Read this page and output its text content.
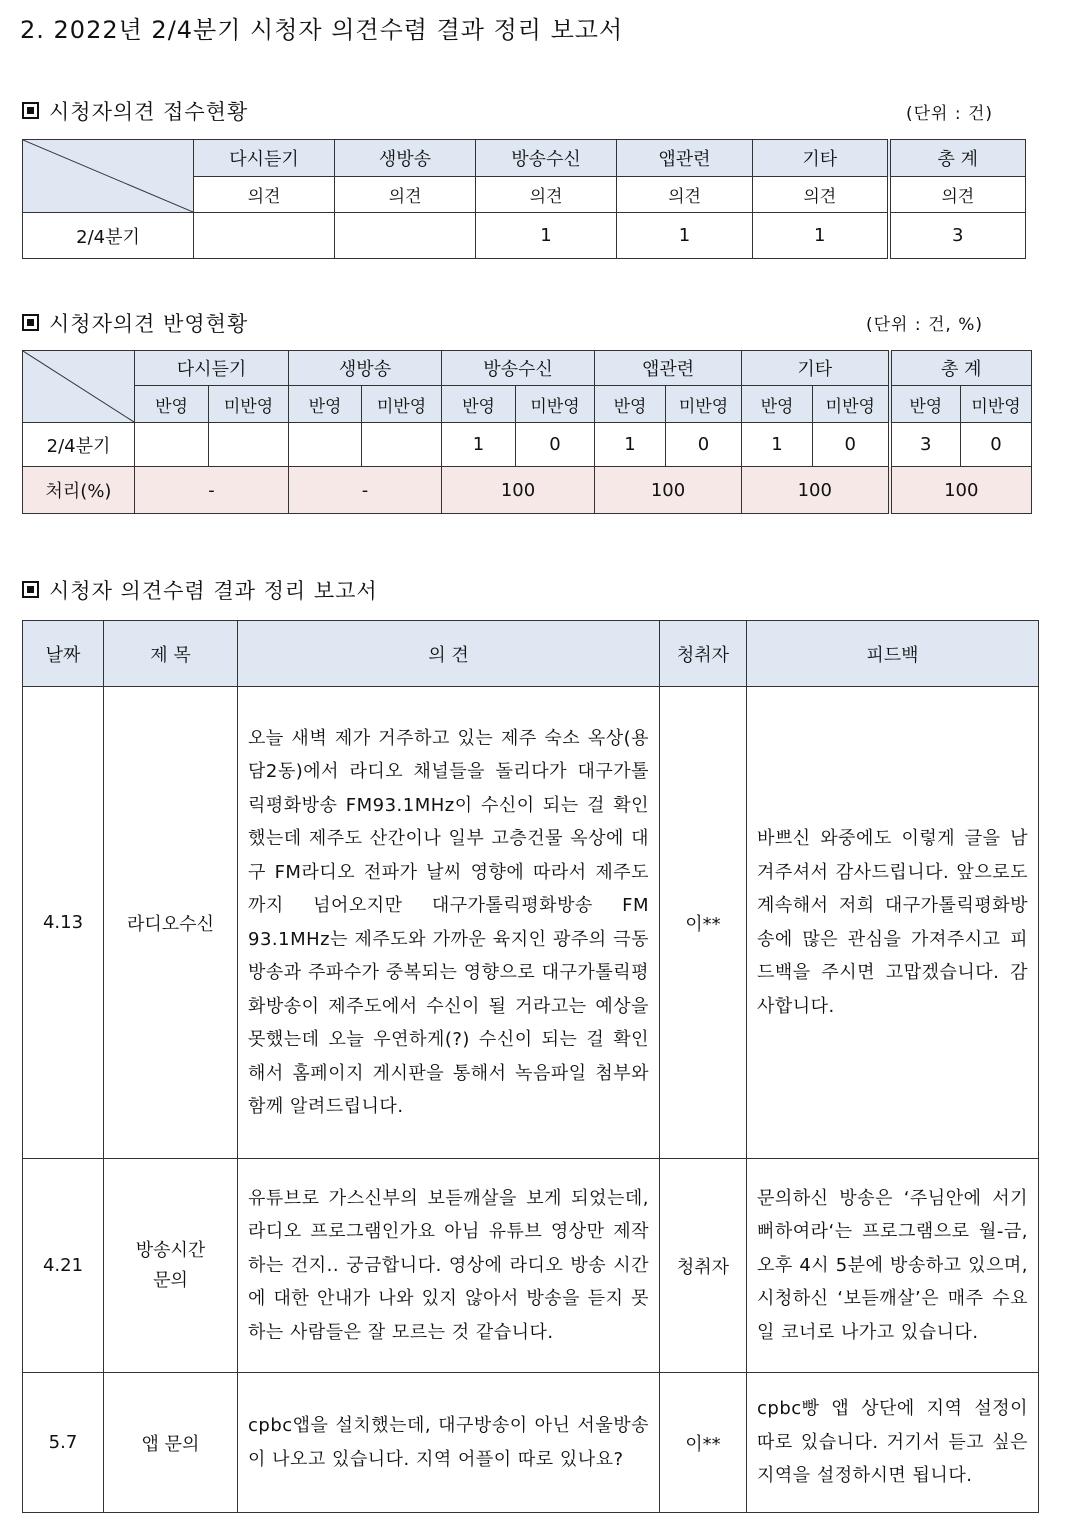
2. 2022년 2/4분기 시청자 의견수렴 결과 정리 보고서
시청자의견 접수현황	(단위 : 건)
	다시듣기	생방송	방송수신	앱관련	기타	총 계
	의견	의견	의견	의견	의견	의견
2/4분기			1	1	1	3
시청자의견 반영현황	(단위 : 건, %)
	다시듣기		생방송		방송수신		앱관련		기타		총 계	
	반영	미반영	반영	미반영	반영	미반영	반영	미반영	반영	미반영	반영	미반영
2/4분기					1	0	1	0	1	0	3	0
처리(%)	-		-		100		100		100		100	
시청자 의견수렴 결과 정리 보고서
날짜	제 목	의 견	청취자	피드백
4.13	라디오수신	오늘 새벽 제가 거주하고 있는 제주 숙소 옥상(용담2동)에서 라디오 채널들을 돌리다가 대구가톨릭평화방송 FM93.1MHz이 수신이 되는 걸 확인했는데 제주도 산간이나 일부 고층건물 옥상에 대구 FM라디오 전파가 날씨 영향에 따라서 제주도까지 넘어오지만 대구가톨릭평화방송 FM 93.1MHz는 제주도와 가까운 육지인 광주의 극동방송과 주파수가 중복되는 영향으로 대구가톨릭평화방송이 제주도에서 수신이 될 거라고는 예상을 못했는데 오늘 우연하게(?) 수신이 되는 걸 확인해서 홈페이지 게시판을 통해서 녹음파일 첨부와 함께 알려드립니다.	이**	바쁘신 와중에도 이렇게 글을 남겨주셔서 감사드립니다. 앞으로도 계속해서 저희 대구가톨릭평화방송에 많은 관심을 가져주시고 피드백을 주시면 고맙겠습니다. 감사합니다.
4.21	방송시간 문의	유튜브로 가스신부의 보듣깨살을 보게 되었는데, 라디오 프로그램인가요 아님 유튜브 영상만 제작하는 건지.. 궁금합니다. 영상에 라디오 방송 시간에 대한 안내가 나와 있지 않아서 방송을 듣지 못하는 사람들은 잘 모르는 것 같습니다.	청취자	문의하신 방송은 ‘주님안에 서기뻐하여라‘는 프로그램으로 월-금, 오후 4시 5분에 방송하고 있으며, 시청하신 ‘보듣깨살’은 매주 수요일 코너로 나가고 있습니다.
5.7	앱 문의	cpbc앱을 설치했는데, 대구방송이 아닌 서울방송이 나오고 있습니다. 지역 어플이 따로 있나요?	이**	cpbc빵 앱 상단에 지역 설정이 따로 있습니다. 거기서 듣고 싶은 지역을 설정하시면 됩니다.
